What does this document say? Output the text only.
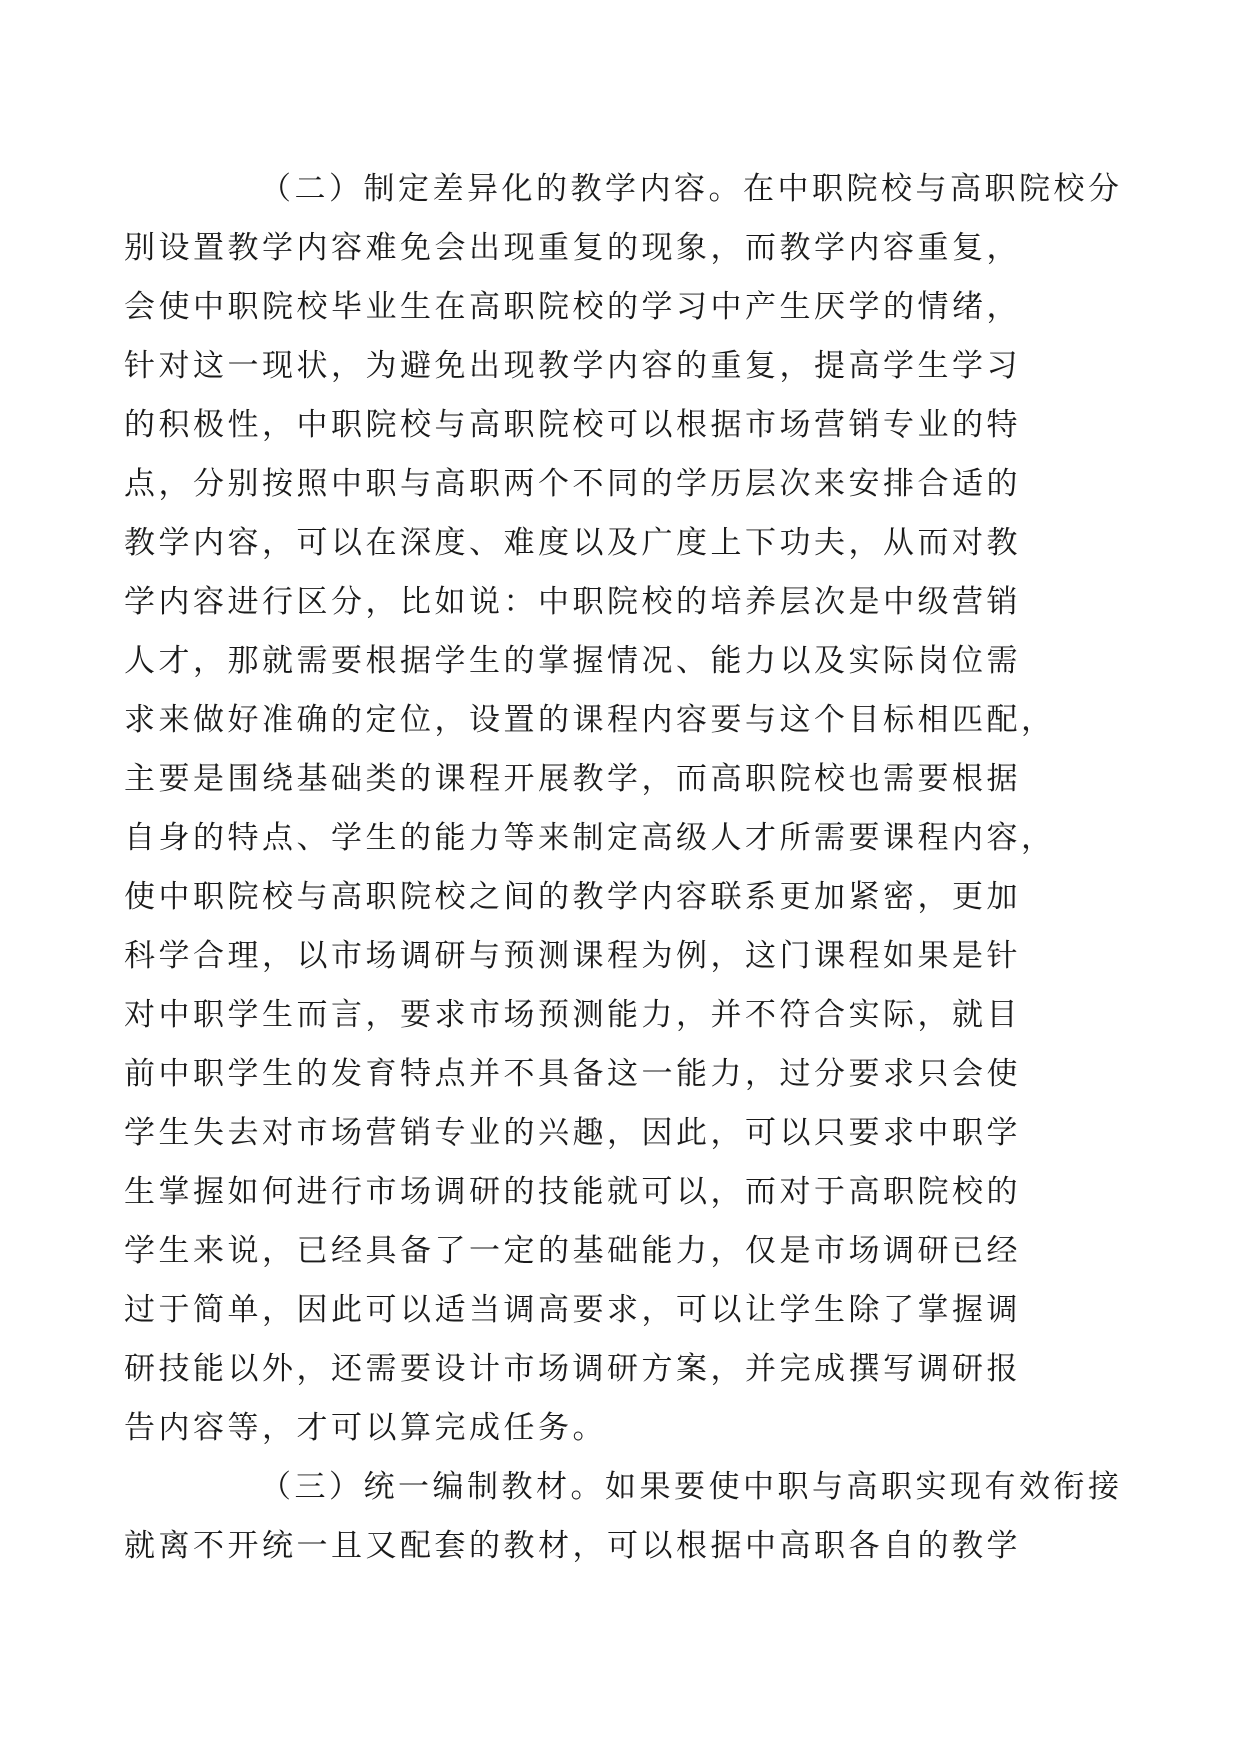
（二）制定差异化的教学内容。在中职院校与高职院校分
别设置教学内容难免会出现重复的现象，而教学内容重复，
会使中职院校毕业生在高职院校的学习中产生厌学的情绪，
针对这一现状，为避免出现教学内容的重复，提高学生学习
的积极性，中职院校与高职院校可以根据市场营销专业的特
点，分别按照中职与高职两个不同的学历层次来安排合适的
教学内容，可以在深度、难度以及广度上下功夫，从而对教
学内容进行区分，比如说：中职院校的培养层次是中级营销
人才，那就需要根据学生的掌握情况、能力以及实际岗位需
求来做好准确的定位，设置的课程内容要与这个目标相匹配，
主要是围绕基础类的课程开展教学，而高职院校也需要根据
自身的特点、学生的能力等来制定高级人才所需要课程内容，
使中职院校与高职院校之间的教学内容联系更加紧密，更加
科学合理，以市场调研与预测课程为例，这门课程如果是针
对中职学生而言，要求市场预测能力，并不符合实际，就目
前中职学生的发育特点并不具备这一能力，过分要求只会使
学生失去对市场营销专业的兴趣，因此，可以只要求中职学
生掌握如何进行市场调研的技能就可以，而对于高职院校的
学生来说，已经具备了一定的基础能力，仅是市场调研已经
过于简单，因此可以适当调高要求，可以让学生除了掌握调
研技能以外，还需要设计市场调研方案，并完成撰写调研报
告内容等，才可以算完成任务。

（三）统一编制教材。如果要使中职与高职实现有效衔接
就离不开统一且又配套的教材，可以根据中高职各自的教学
